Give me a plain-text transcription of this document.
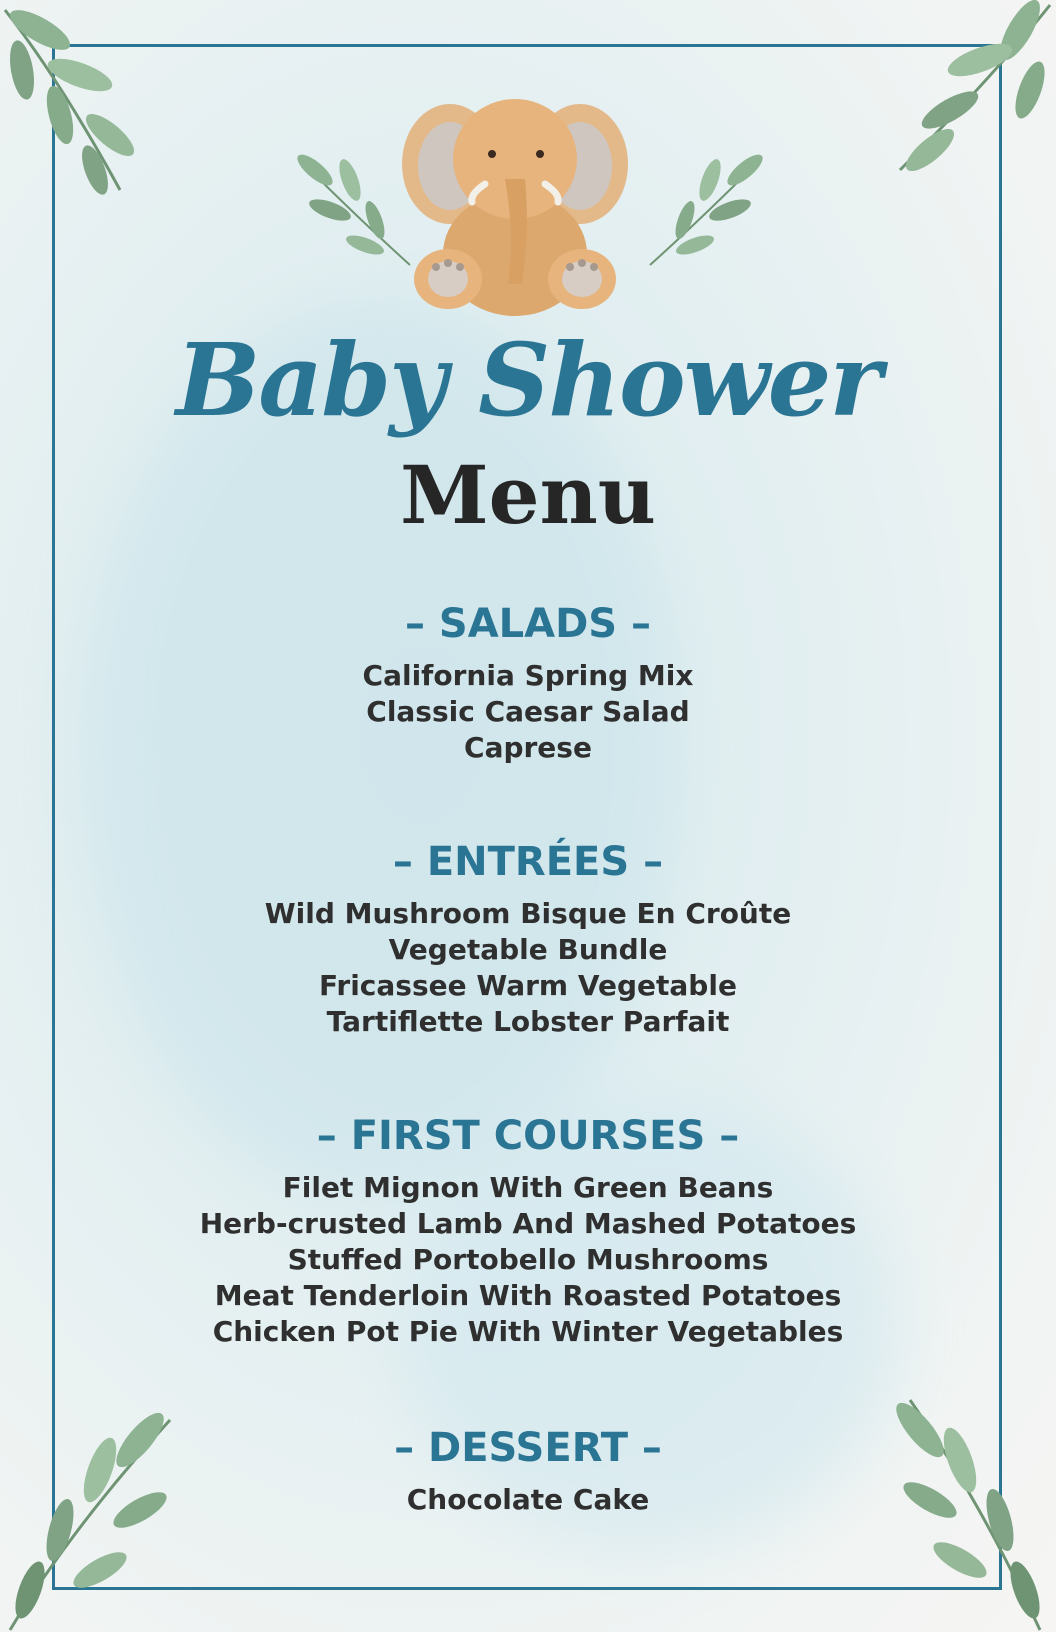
Baby Shower
Menu
– SALADS –
California Spring Mix
Classic Caesar Salad
Caprese
– ENTRÉES –
Wild Mushroom Bisque En Croûte
Vegetable Bundle
Fricassee Warm Vegetable
Tartiflette Lobster Parfait
– FIRST COURSES –
Filet Mignon With Green Beans
Herb-crusted Lamb And Mashed Potatoes
Stuffed Portobello Mushrooms
Meat Tenderloin With Roasted Potatoes
Chicken Pot Pie With Winter Vegetables
– DESSERT –
Chocolate Cake
